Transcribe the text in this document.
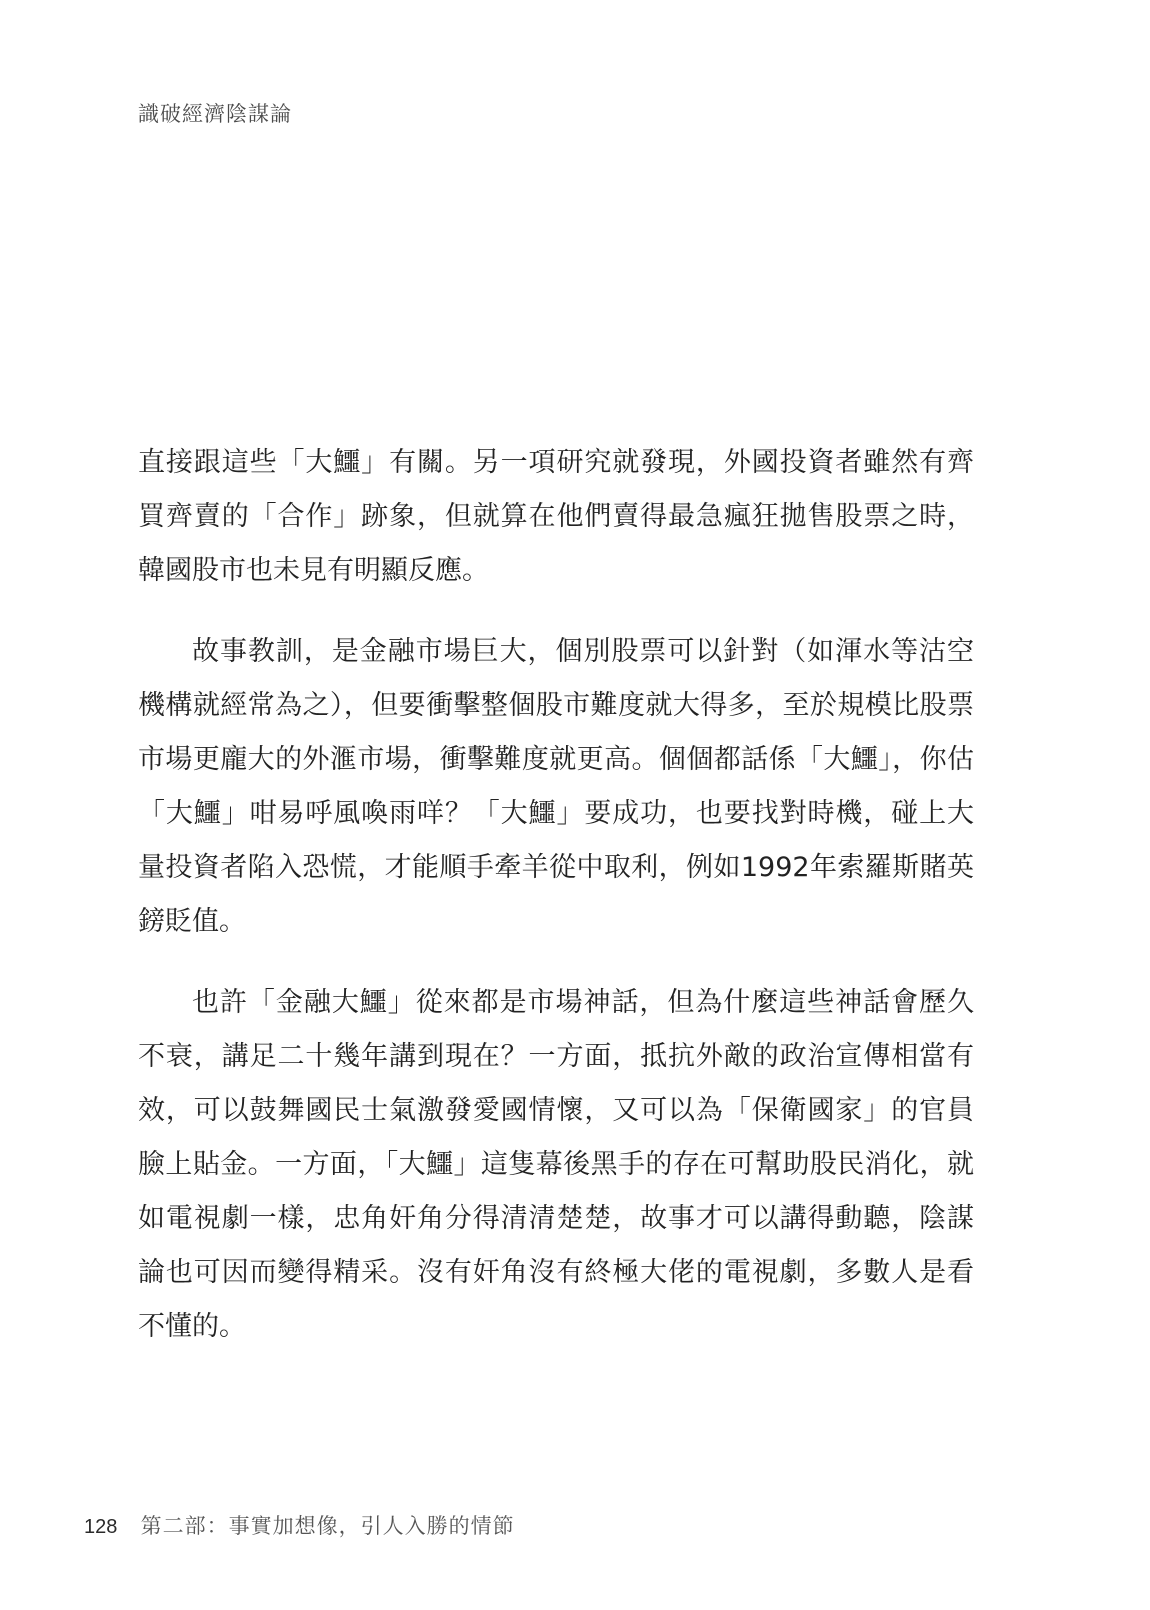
識破經濟陰謀論

直接跟這些「大鱷」有關。另一項研究就發現，外國投資者雖然有齊買齊賣的「合作」跡象，但就算在他們賣得最急瘋狂拋售股票之時，韓國股市也未見有明顯反應。

故事教訓，是金融市場巨大，個別股票可以針對（如渾水等沽空機構就經常為之），但要衝擊整個股市難度就大得多，至於規模比股票市場更龐大的外滙市場，衝擊難度就更高。個個都話係「大鱷」，你估「大鱷」咁易呼風喚雨咩？「大鱷」要成功，也要找對時機，碰上大量投資者陷入恐慌，才能順手牽羊從中取利，例如1992年索羅斯賭英鎊貶值。

也許「金融大鱷」從來都是市場神話，但為什麼這些神話會歷久不衰，講足二十幾年講到現在？一方面，抵抗外敵的政治宣傳相當有效，可以鼓舞國民士氣激發愛國情懷，又可以為「保衛國家」的官員臉上貼金。一方面，「大鱷」這隻幕後黑手的存在可幫助股民消化，就如電視劇一樣，忠角奸角分得清清楚楚，故事才可以講得動聽，陰謀論也可因而變得精采。沒有奸角沒有終極大佬的電視劇，多數人是看不懂的。

128 第二部：事實加想像，引人入勝的情節
